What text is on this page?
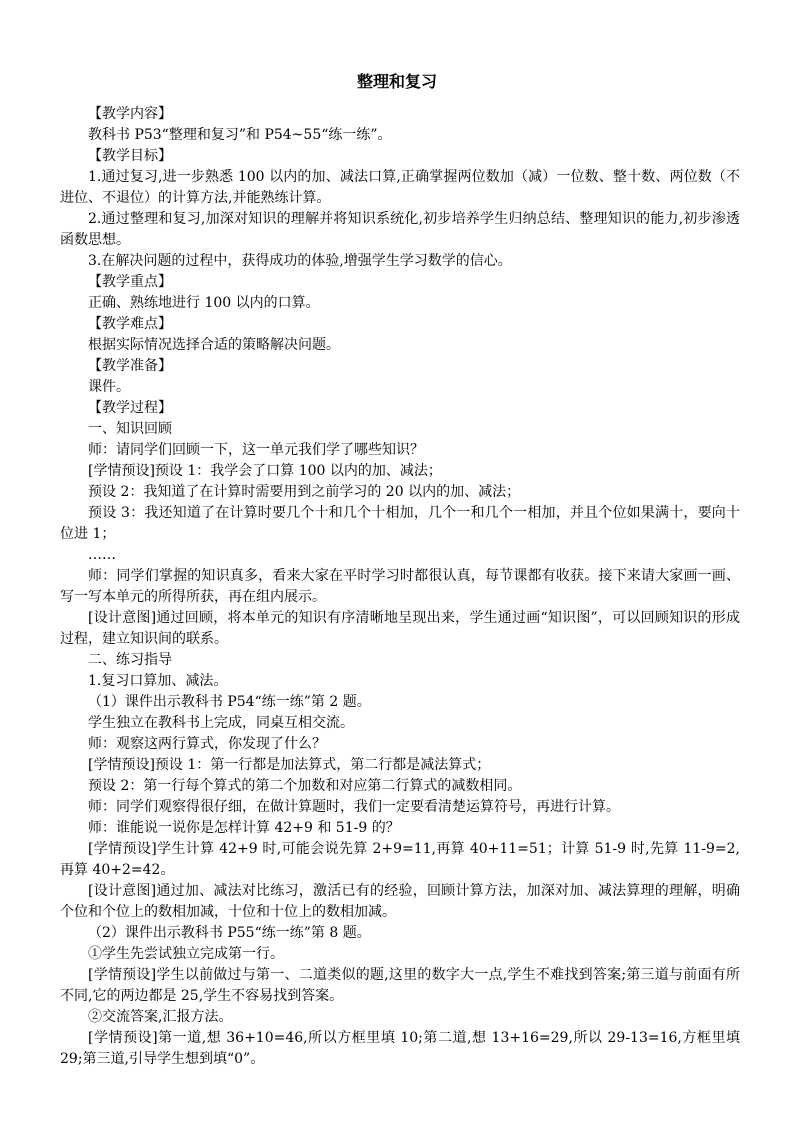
整理和复习

【教学内容】

教科书 P53“整理和复习”和 P54~55“练一练”。

【教学目标】

1.通过复习,进一步熟悉 100 以内的加、减法口算,正确掌握两位数加（减）一位数、整十数、两位数（不进位、不退位）的计算方法,并能熟练计算。

2.通过整理和复习,加深对知识的理解并将知识系统化,初步培养学生归纳总结、整理知识的能力,初步渗透函数思想。

3.在解决问题的过程中，获得成功的体验,增强学生学习数学的信心。

【教学重点】

正确、熟练地进行 100 以内的口算。

【教学难点】

根据实际情况选择合适的策略解决问题。

【教学准备】

课件。

【教学过程】

一、知识回顾

师：请同学们回顾一下，这一单元我们学了哪些知识？

[学情预设]预设 1：我学会了口算 100 以内的加、减法；

预设 2：我知道了在计算时需要用到之前学习的 20 以内的加、减法；

预设 3：我还知道了在计算时要几个十和几个十相加，几个一和几个一相加，并且个位如果满十，要向十位进 1；

……

师：同学们掌握的知识真多，看来大家在平时学习时都很认真，每节课都有收获。接下来请大家画一画、写一写本单元的所得所获，再在组内展示。

[设计意图]通过回顾，将本单元的知识有序清晰地呈现出来，学生通过画“知识图”，可以回顾知识的形成过程，建立知识间的联系。

二、练习指导

1.复习口算加、减法。

（1）课件出示教科书 P54“练一练”第 2 题。

学生独立在教科书上完成，同桌互相交流。

师：观察这两行算式，你发现了什么？

[学情预设]预设 1：第一行都是加法算式，第二行都是减法算式；

预设 2：第一行每个算式的第二个加数和对应第二行算式的减数相同。

师：同学们观察得很仔细，在做计算题时，我们一定要看清楚运算符号，再进行计算。

师：谁能说一说你是怎样计算 42+9 和 51-9 的？

[学情预设]学生计算 42+9 时,可能会说先算 2+9=11,再算 40+11=51；计算 51-9 时,先算 11-9=2,再算 40+2=42。

[设计意图]通过加、减法对比练习，激活已有的经验，回顾计算方法，加深对加、减法算理的理解，明确个位和个位上的数相加减，十位和十位上的数相加减。

（2）课件出示教科书 P55“练一练”第 8 题。

①学生先尝试独立完成第一行。

[学情预设]学生以前做过与第一、二道类似的题,这里的数字大一点,学生不难找到答案;第三道与前面有所不同,它的两边都是 25,学生不容易找到答案。

②交流答案,汇报方法。

[学情预设]第一道,想 36+10=46,所以方框里填 10;第二道,想 13+16=29,所以 29-13=16,方框里填 29;第三道,引导学生想到填“0”。
